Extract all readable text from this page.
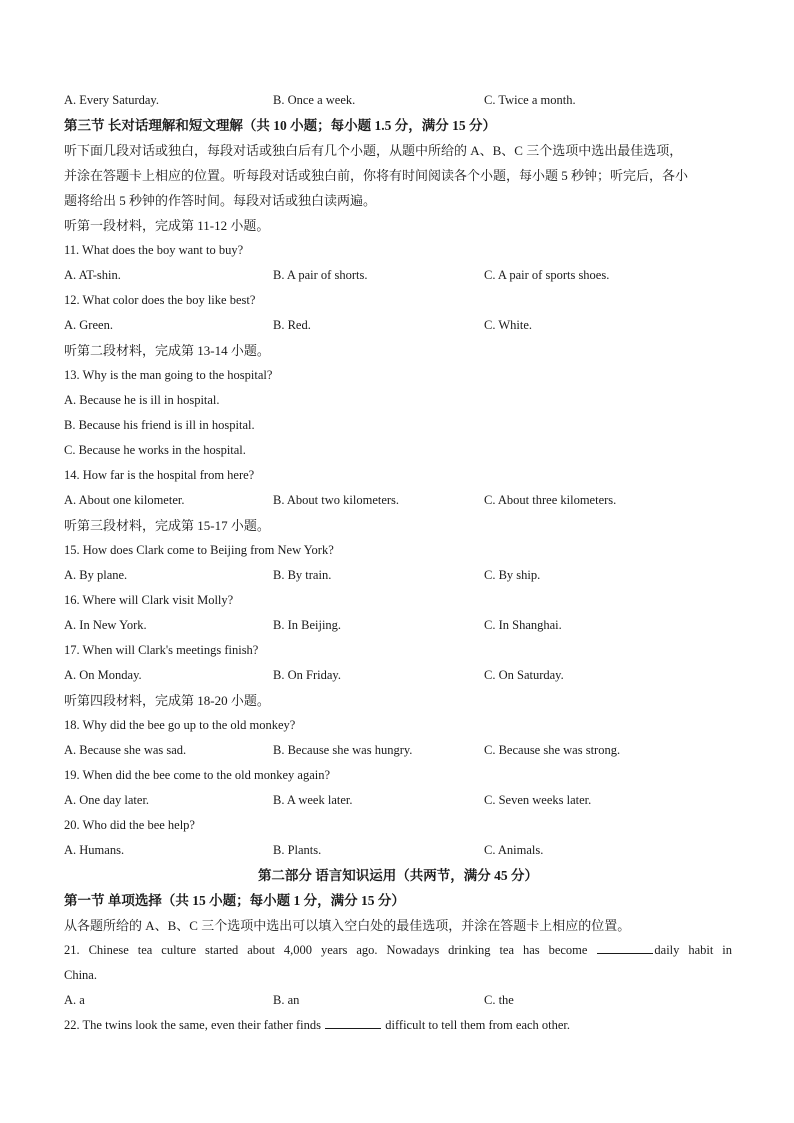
A. Every Saturday.	B. Once a week.	C. Twice a month.
第三节 长对话理解和短文理解（共 10 小题；每小题 1.5 分，满分 15 分）
听下面几段对话或独白，每段对话或独白后有几个小题，从题中所给的 A、B、C 三个选项中选出最佳选项，
并涂在答题卡上相应的位置。听每段对话或独白前，你将有时间阅读各个小题，每小题 5 秒钟；听完后，各小
题将给出 5 秒钟的作答时间。每段对话或独白读两遍。
听第一段材料，完成第 11-12 小题。
11. What does the boy want to buy?
A. AT-shin.	B. A pair of shorts.	C. A pair of sports shoes.
12. What color does the boy like best?
A. Green.	B. Red.	C. White.
听第二段材料，完成第 13-14 小题。
13. Why is the man going to the hospital?
A. Because he is ill in hospital.
B. Because his friend is ill in hospital.
C. Because he works in the hospital.
14. How far is the hospital from here?
A. About one kilometer.	B. About two kilometers.	C. About three kilometers.
听第三段材料，完成第 15-17 小题。
15. How does Clark come to Beijing from New York?
A. By plane.	B. By train.	C. By ship.
16. Where will Clark visit Molly?
A. In New York.	B. In Beijing.	C. In Shanghai.
17. When will Clark's meetings finish?
A. On Monday.	B. On Friday.	C. On Saturday.
听第四段材料，完成第 18-20 小题。
18. Why did the bee go up to the old monkey?
A. Because she was sad.	B. Because she was hungry.	C. Because she was strong.
19. When did the bee come to the old monkey again?
A. One day later.	B. A week later.	C. Seven weeks later.
20. Who did the bee help?
A. Humans.	B. Plants.	C. Animals.
第二部分 语言知识运用（共两节，满分 45 分）
第一节 单项选择（共 15 小题；每小题 1 分，满分 15 分）
从各题所给的 A、B、C 三个选项中选出可以填入空白处的最佳选项，并涂在答题卡上相应的位置。
21. Chinese tea culture started about 4,000 years ago. Nowadays drinking tea has become	daily habit in
China.
A. a	B. an	C. the
22. The twins look the same, even their father finds	difficult to tell them from each other.
